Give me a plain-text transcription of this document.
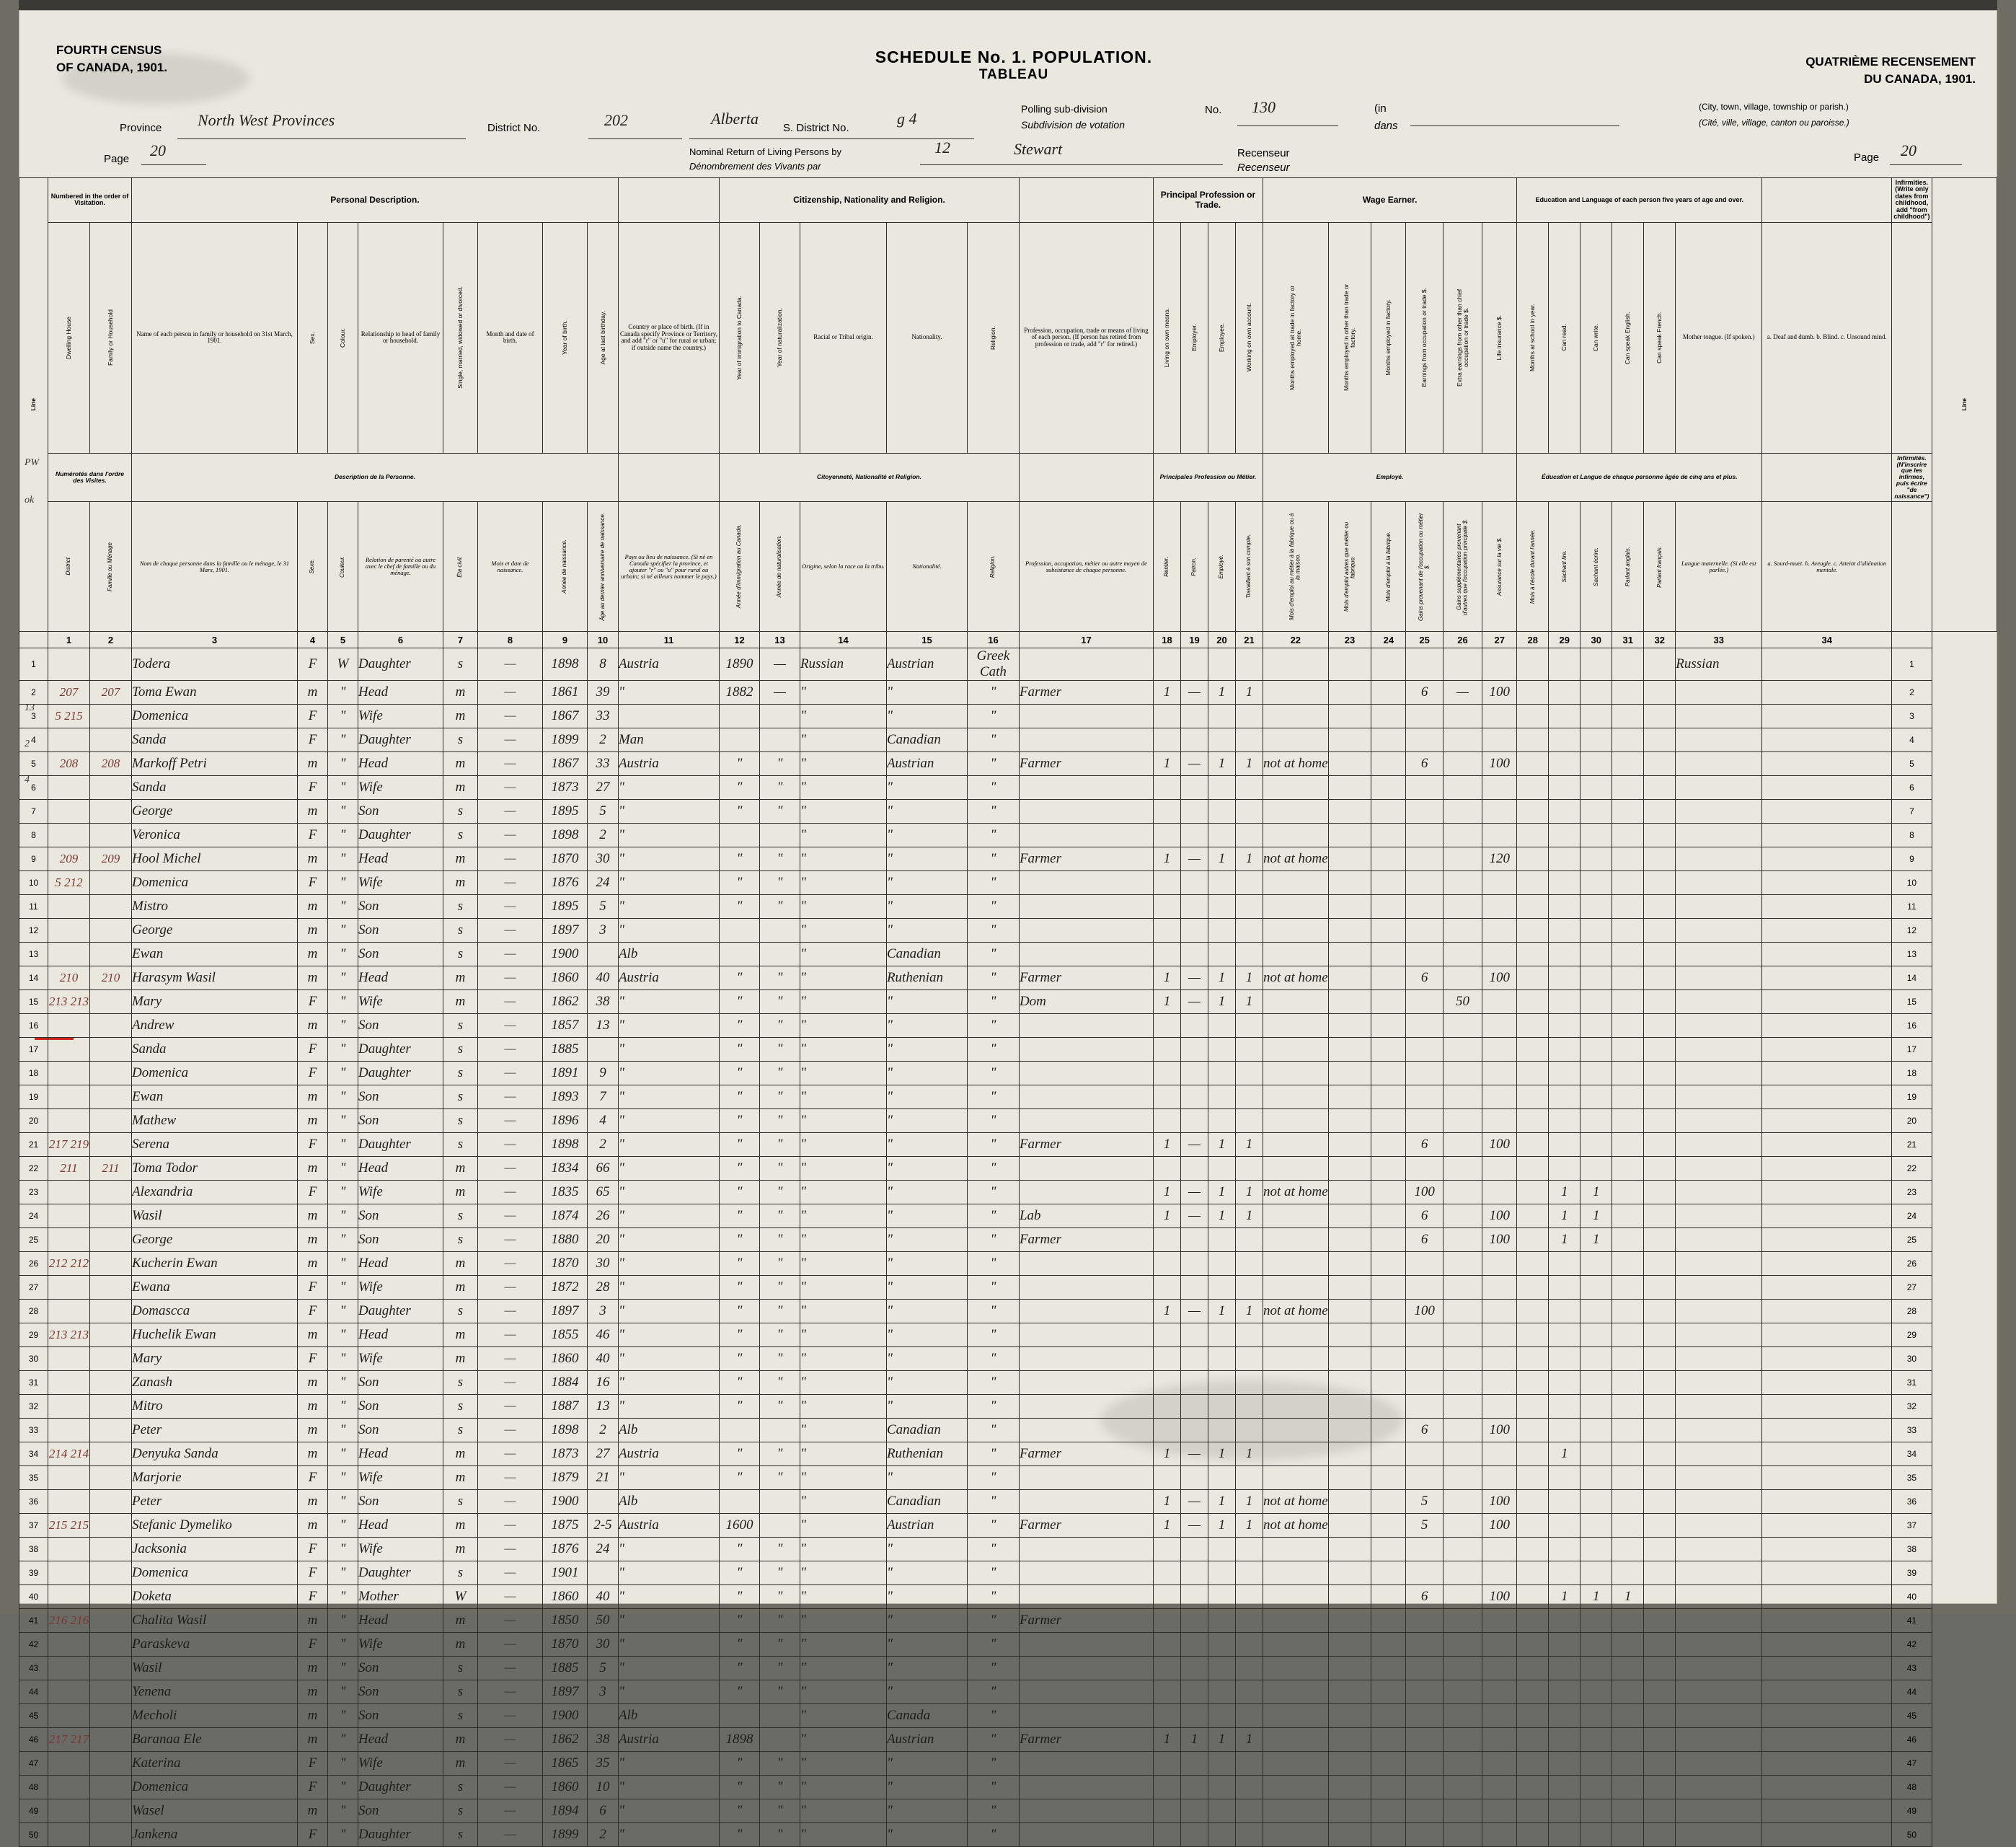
FOURTH CENSUS
OF CANADA, 1901.
SCHEDULE No. 1. POPULATION.
TABLEAU
QUATRIÈME RECENSEMENT
DU CANADA, 1901.
Province North West Provinces	District No.	202	Alberta
S. District No.
g 4
Polling sub-division
Subdivision de votation
No. 130	(in
dans
(City, town, village, township or parish.)
(Cité, ville, village, canton ou paroisse.)
Page 20	Nominal Return of Living Persons by
Dénombrement des Vivants par
12	Stewart	Recenseur
Recenseur
Page 20
PW
ok
13
2
4
Line	Numbered in the order of Visitation.		Personal Description.									Citizenship, Nationality and Religion.						Principal Profession or Trade.				Wage Earner.						Education and Language of each person five years of age and over.							Infirmities. (Write only dates from childhood, add "from childhood")	Line

	Dwelling House	Family or Household	Name of each person in family or household on 31st March, 1901.	Sex.	Colour.	Relationship to head of family or household.	Single, married, widowed or divorced.	Month and date of birth.	Year of birth.	Age at last birthday.	Country or place of birth. (If in Canada specify Province or Territory, and add "r" or "u" for rural or urban; if outside name the country.)	Year of immigration to Canada.	Year of naturalization.	Racial or Tribal origin.	Nationality.	Religion.	Profession, occupation, trade or means of living of each person. (If person has retired from profession or trade, add "r" for retired.)	Living on own means.	Employer.	Employee.	Working on own account.	Months employed at trade in factory or home.	Months employed in other than trade or factory.	Months employed in factory.	Earnings from occupation or trade $.	Extra earnings from other than chief occupation or trade $.	Life insurance $.	Months at school in year.	Can read.	Can write.	Can speak English.	Can speak French.	Mother tongue. (If spoken.)	a. Deaf and dumb. b. Blind. c. Unsound mind.		

	Numérotés dans l'ordre des Visites.		Description de la Personne.									Citoyenneté, Nationalité et Religion.						Principales Profession ou Métier.				Employé.						Éducation et Langue de chaque personne âgée de cinq ans et plus.							Infirmités. (N'inscrire que les infirmes, puis écrire "de naissance")	

	District	Famille ou Ménage	Nom de chaque personne dans la famille ou le ménage, le 31 Mars, 1901.	Sexe.	Couleur.	Relation de parenté ou autre avec le chef de famille ou du ménage.	Éta civil.	Mois et date de naissance.	Année de naissance.	Âge au dernier anniversaire de naissance.	Pays ou lieu de naissance. (Si né en Canada spécifier la province, et ajouter "r" ou "u" pour rural ou urbain; si né ailleurs nommer le pays.)	Année d'immigration au Canada.	Année de naturalisation.	Origine, selon la race ou la tribu.	Nationalité.	Religion.	Profession, occupation, métier ou autre moyen de subsistance de chaque personne.	Rentier.	Patron.	Employé.	Travaillant à son compte.	Mois d'emploi au métier à la fabrique ou à la maison.	Mois d'emploi autres que métier ou fabrique.	Mois d'emploi à la fabrique.	Gains provenant de l'occupation ou métier $.	Gains supplémentaires provenant d'autres que l'occupation principale $.	Assurance sur la vie $.	Mois à l'école durant l'année.	Sachant lire.	Sachant écrire.	Parlant anglais.	Parlant français.	Langue maternelle. (Si elle est parlée.)	a. Sourd-muet. b. Aveugle. c. Atteint d'aliénation mentale.		

	1	2	3	4	5	6	7	8	9	10	11	12	13	14	15	16	17	18	19	20	21	22	23	24	25	26	27	28	29	30	31	32	33	34		
1			Todera	F	W	Daughter	s	—	1898	8	Austria	1890	—	Russian	Austrian	Greek Cath																	Russian		1	
2	207	207	Toma Ewan	m	"	Head	m	—	1861	39	"	1882	—	"	"	"	Farmer	1	—	1	1				6	—	100								2	
3	5 215		Domenica	F	"	Wife	m	—	1867	33				"	"	"																			3	
4			Sanda	F	"	Daughter	s	—	1899	2	Man			"	Canadian	"																			4	
5	208	208	Markoff Petri	m	"	Head	m	—	1867	33	Austria	"	"	"	Austrian	"	Farmer	1	—	1	1	not at home			6		100								5	
6			Sanda	F	"	Wife	m	—	1873	27	"	"	"	"	"	"																			6	
7			George	m	"	Son	s	—	1895	5	"	"	"	"	"	"																			7	
8			Veronica	F	"	Daughter	s	—	1898	2	"			"	"	"																			8	
9	209	209	Hool Michel	m	"	Head	m	—	1870	30	"	"	"	"	"	"	Farmer	1	—	1	1	not at home					120								9	
10	5 212		Domenica	F	"	Wife	m	—	1876	24	"	"	"	"	"	"																			10	
11			Mistro	m	"	Son	s	—	1895	5	"	"	"	"	"	"																			11	
12			George	m	"	Son	s	—	1897	3	"			"	"	"																			12	
13			Ewan	m	"	Son	s	—	1900		Alb			"	Canadian	"																			13	
14	210	210	Harasym Wasil	m	"	Head	m	—	1860	40	Austria	"	"	"	Ruthenian	"	Farmer	1	—	1	1	not at home			6		100								14	
15	213 213		Mary	F	"	Wife	m	—	1862	38	"	"	"	"	"	"	Dom	1	—	1	1					50									15	
16			Andrew	m	"	Son	s	—	1857	13	"	"	"	"	"	"																			16	
17			Sanda	F	"	Daughter	s	—	1885		"	"	"	"	"	"																			17	
18			Domenica	F	"	Daughter	s	—	1891	9	"	"	"	"	"	"																			18	
19			Ewan	m	"	Son	s	—	1893	7	"	"	"	"	"	"																			19	
20			Mathew	m	"	Son	s	—	1896	4	"	"	"	"	"	"																			20	
21	217 219		Serena	F	"	Daughter	s	—	1898	2	"	"	"	"	"	"	Farmer	1	—	1	1				6		100								21	
22	211	211	Toma Todor	m	"	Head	m	—	1834	66	"	"	"	"	"	"																			22	
23			Alexandria	F	"	Wife	m	—	1835	65	"	"	"	"	"	"		1	—	1	1	not at home			100				1	1					23	
24			Wasil	m	"	Son	s	—	1874	26	"	"	"	"	"	"	Lab	1	—	1	1				6		100		1	1					24	
25			George	m	"	Son	s	—	1880	20	"	"	"	"	"	"	Farmer								6		100		1	1					25	
26	212 212		Kucherin Ewan	m	"	Head	m	—	1870	30	"	"	"	"	"	"																			26	
27			Ewana	F	"	Wife	m	—	1872	28	"	"	"	"	"	"																			27	
28			Domascca	F	"	Daughter	s	—	1897	3	"	"	"	"	"	"		1	—	1	1	not at home			100										28	
29	213 213		Huchelik Ewan	m	"	Head	m	—	1855	46	"	"	"	"	"	"																			29	
30			Mary	F	"	Wife	m	—	1860	40	"	"	"	"	"	"																			30	
31			Zanash	m	"	Son	s	—	1884	16	"	"	"	"	"	"																			31	
32			Mitro	m	"	Son	s	—	1887	13	"	"	"	"	"	"																			32	
33			Peter	m	"	Son	s	—	1898	2	Alb			"	Canadian	"									6		100								33	
34	214 214		Denyuka Sanda	m	"	Head	m	—	1873	27	Austria	"	"	"	Ruthenian	"	Farmer	1	—	1	1								1						34	
35			Marjorie	F	"	Wife	m	—	1879	21	"	"	"	"	"	"																			35	
36			Peter	m	"	Son	s	—	1900		Alb			"	Canadian	"		1	—	1	1	not at home			5		100								36	
37	215 215		Stefanic Dymeliko	m	"	Head	m	—	1875	2-5	Austria	1600		"	Austrian	"	Farmer	1	—	1	1	not at home			5		100								37	
38			Jacksonia	F	"	Wife	m	—	1876	24	"	"	"	"	"	"																			38	
39			Domenica	F	"	Daughter	s	—	1901		"	"	"	"	"	"																			39	
40			Doketa	F	"	Mother	W	—	1860	40	"	"	"	"	"	"									6		100		1	1	1				40	
41	216 216		Chalita Wasil	m	"	Head	m	—	1850	50	"	"	"	"	"	"	Farmer																		41	
42			Paraskeva	F	"	Wife	m	—	1870	30	"	"	"	"	"	"																			42	
43			Wasil	m	"	Son	s	—	1885	5	"	"	"	"	"	"																			43	
44			Yenena	m	"	Son	s	—	1897	3	"	"	"	"	"	"																			44	
45			Mecholi	m	"	Son	s	—	1900		Alb			"	Canada	"																			45	
46	217 217		Baranaa Ele	m	"	Head	m	—	1862	38	Austria	1898		"	Austrian	"	Farmer	1	1	1	1														46	
47			Katerina	F	"	Wife	m	—	1865	35	"	"	"	"	"	"																			47	
48			Domenica	F	"	Daughter	s	—	1860	10	"	"	"	"	"	"																			48	
49			Wasel	m	"	Son	s	—	1894	6	"	"	"	"	"	"																			49	
50			Jankena	F	"	Daughter	s	—	1899	2	"	"	"	"	"	"																			50	
